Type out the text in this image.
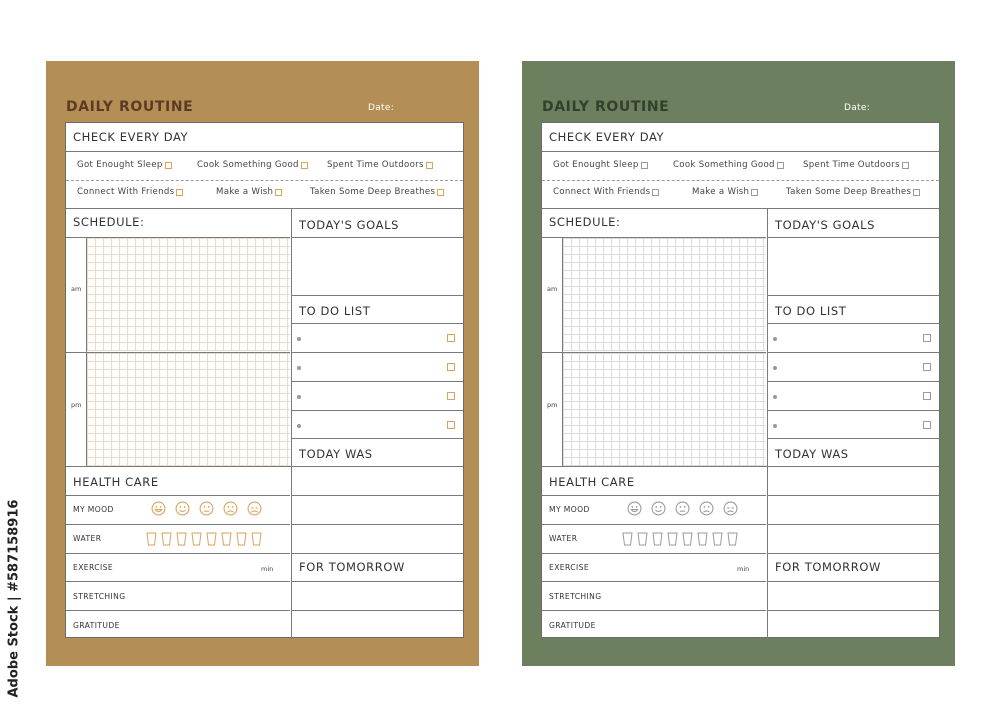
DAILY ROUTINE	Date:
CHECK EVERY DAY
Got Enought Sleep	Cook Something Good	Spent Time Outdoors
Connect With Friends	Make a Wish	Taken Some Deep Breathes
SCHEDULE:
am
pm
TODAY'S GOALS
TO DO LIST
TODAY WAS
FOR TOMORROW
HEALTH CARE
MY MOOD
WATER
EXERCISE	min
STRETCHING
GRATITUDE
DAILY ROUTINE	Date:
CHECK EVERY DAY
Got Enought Sleep	Cook Something Good	Spent Time Outdoors
Connect With Friends	Make a Wish	Taken Some Deep Breathes
SCHEDULE:
am
pm
TODAY'S GOALS
TO DO LIST
TODAY WAS
FOR TOMORROW
HEALTH CARE
MY MOOD
WATER
EXERCISE	min
STRETCHING
GRATITUDE
Adobe Stock | #587158916
